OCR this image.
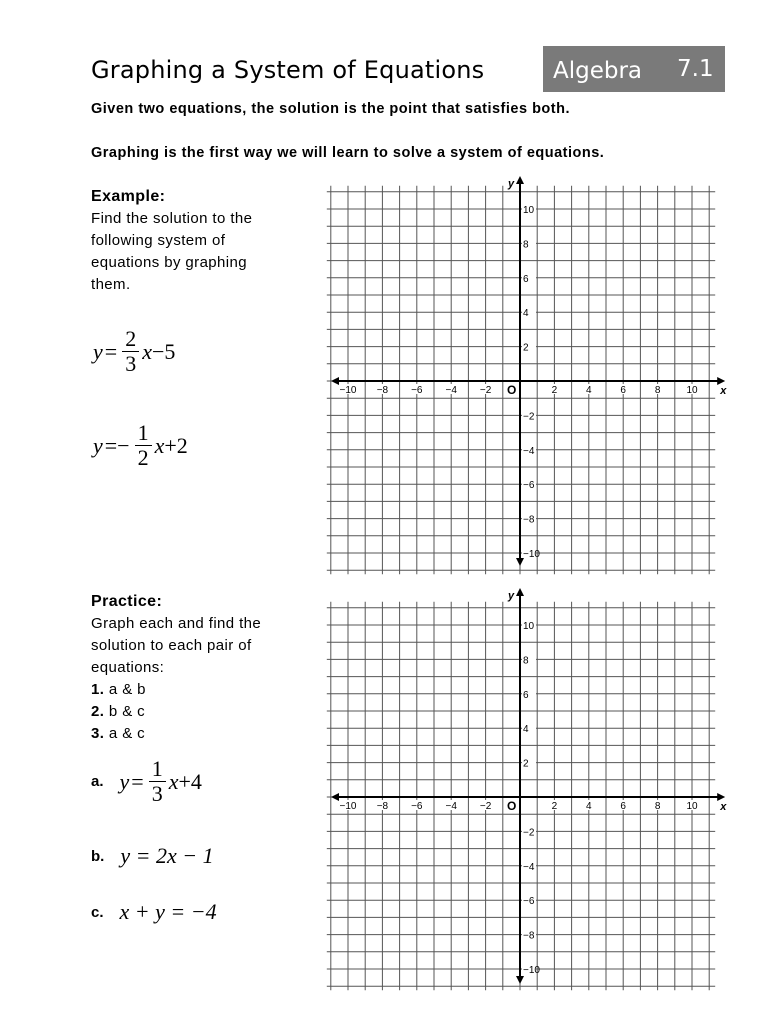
Graphing a System of Equations	Algebra 7.1
Given two equations, the solution is the point that satisfies both.
Graphing is the first way we will learn to solve a system of equations.
Example:
Find the solution to the
following system of
equations by graphing
them.
$y = \frac{2}{3}$ x −5
$y =- \frac{1}{2}$ x +2
Practice:
Graph each and find the
solution to each pair of
equations:
1. a & b
2. b & c
3. a & c
a. $y = \frac{1}{3}$ x +4
b. y = 2x − 1
c. x + y = −4
−10 −8 −6 −4 −2	2	4	6	8	10
10
8
6
4
2
−2
−4
−6
−8
−10
O	x
y
−10 −8 −6 −4 −2	2	4	6	8	10
10
8
6
4
2
−2
−4
−6
−8
−10
O	x
y
